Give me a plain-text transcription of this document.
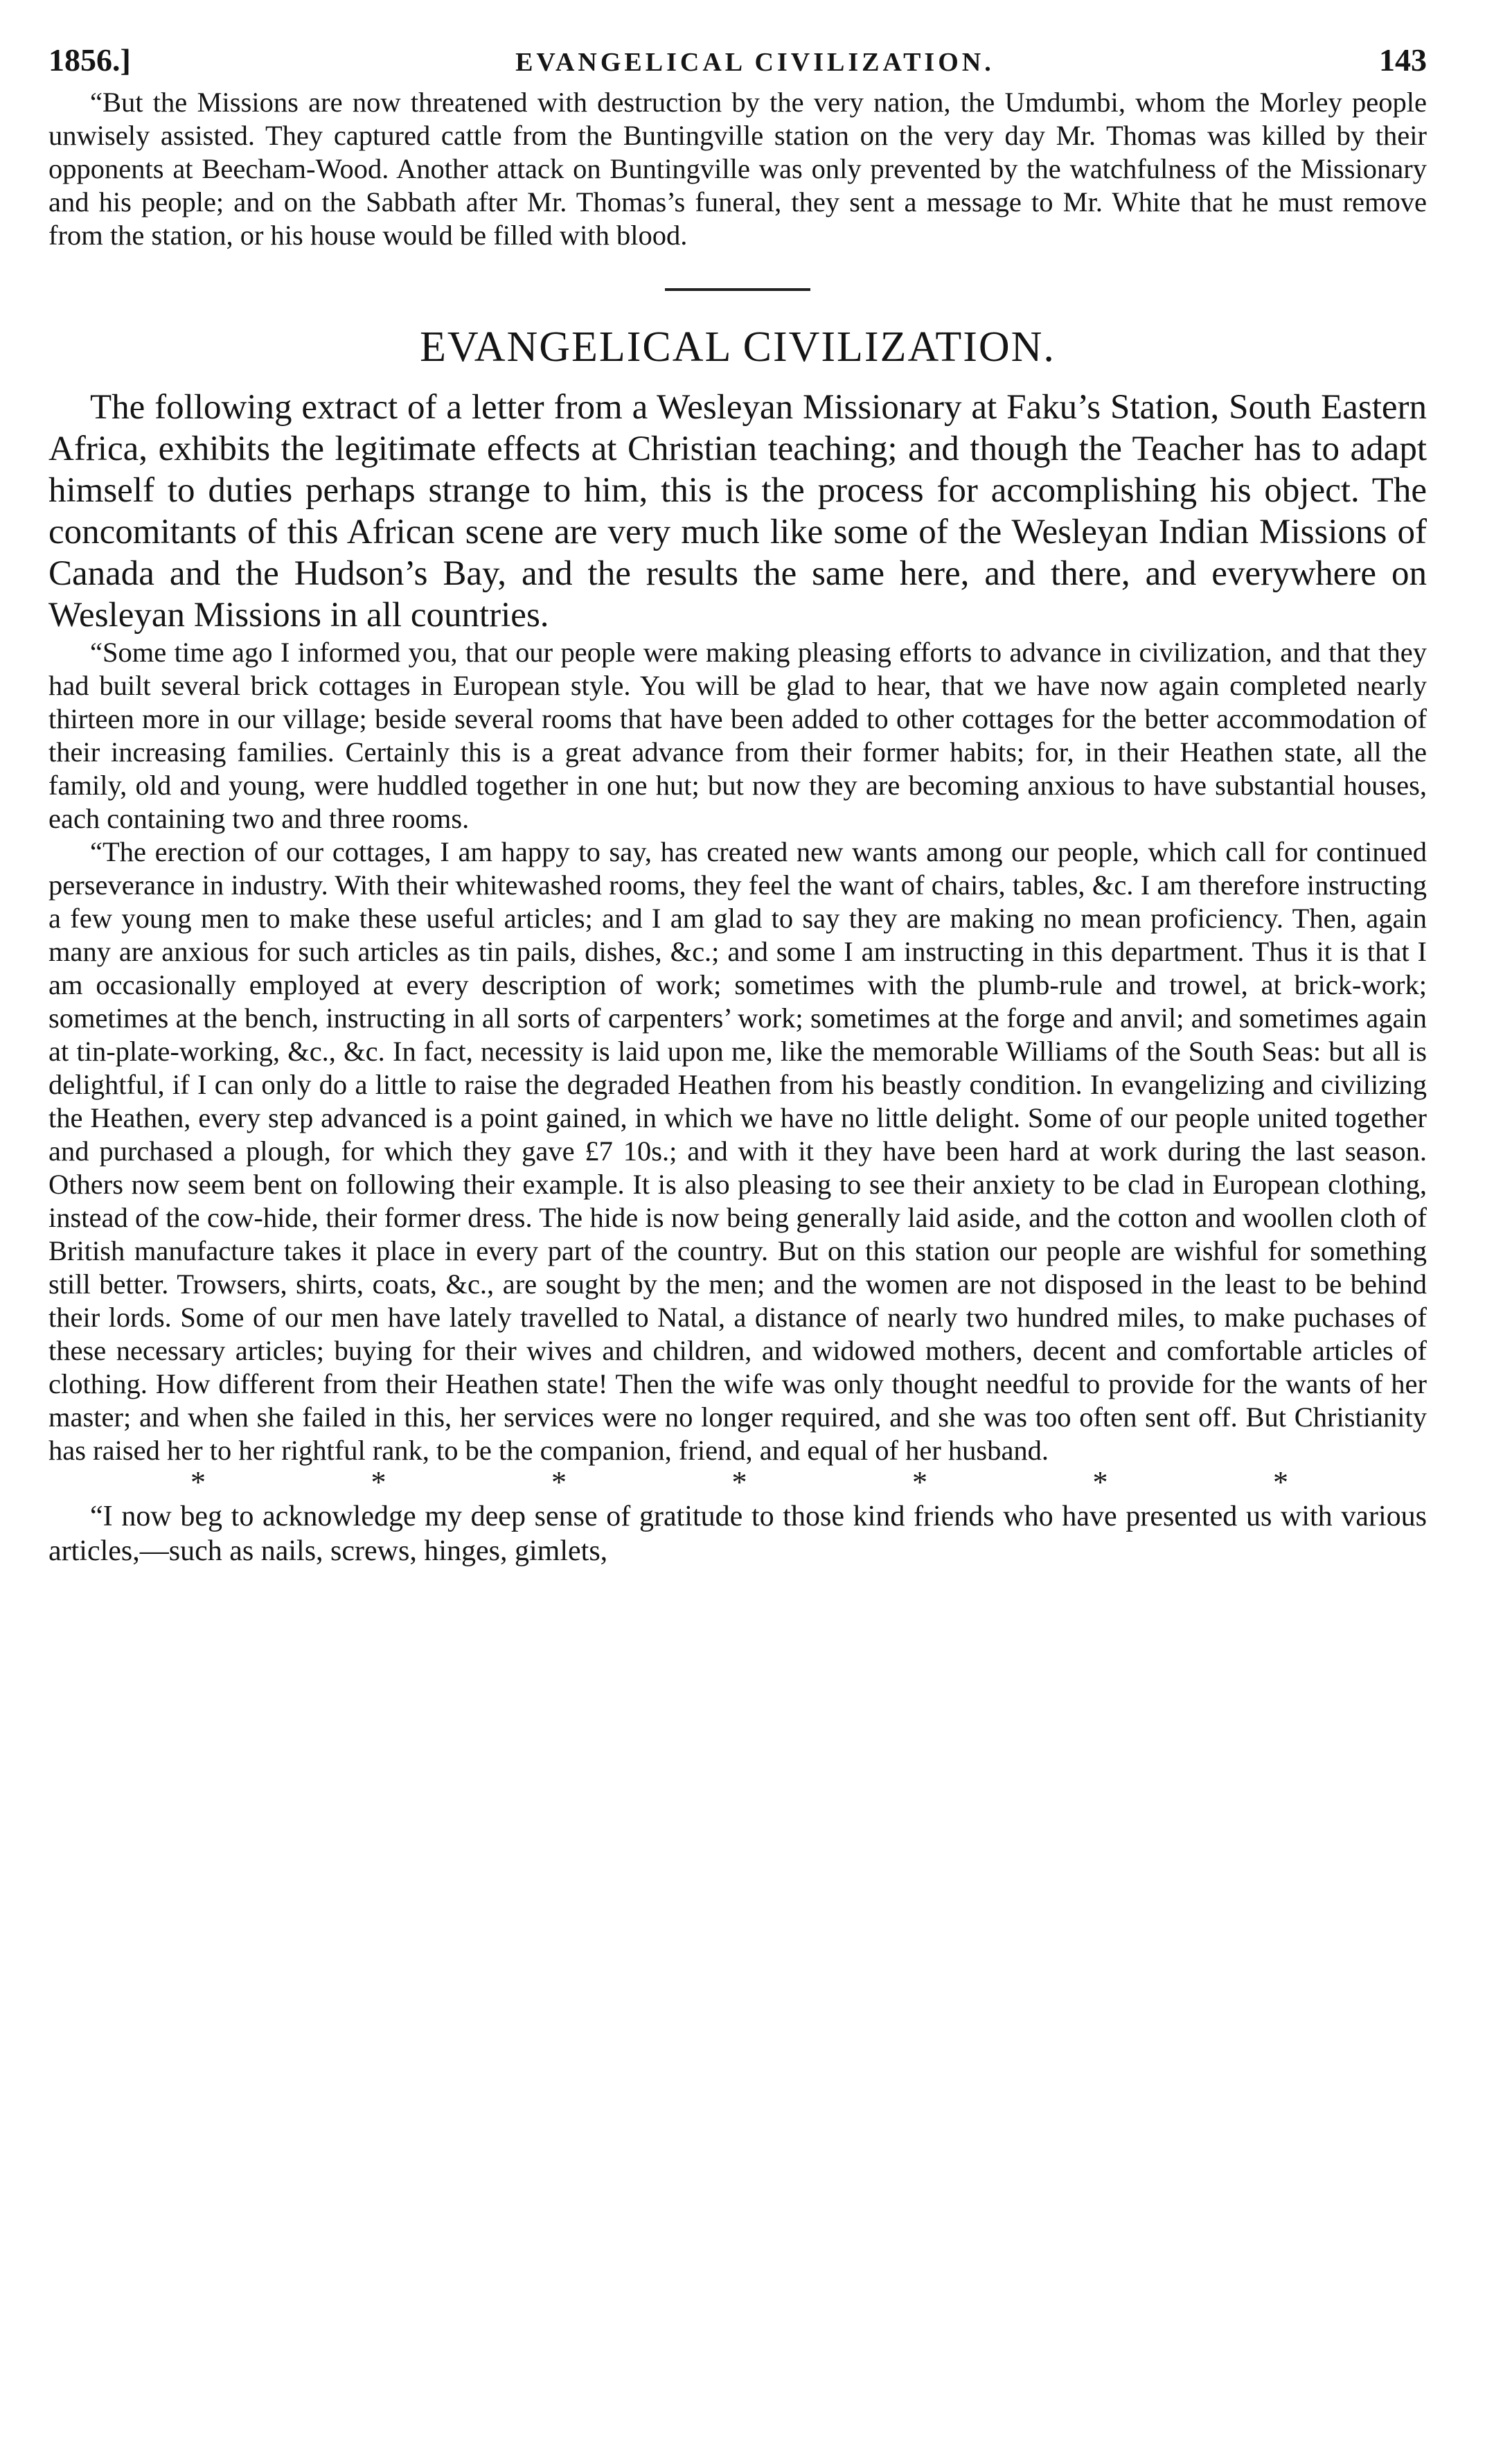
1856.]	EVANGELICAL CIVILIZATION.	143

“But the Missions are now threatened with destruction by the very nation, the Umdumbi, whom the Morley people unwisely assisted. They captured cattle from the Buntingville station on the very day Mr. Thomas was killed by their opponents at Beecham-Wood. Another attack on Buntingville was only prevented by the watchfulness of the Missionary and his people; and on the Sabbath after Mr. Thomas’s funeral, they sent a message to Mr. White that he must remove from the station, or his house would be filled with blood.

EVANGELICAL CIVILIZATION.

The following extract of a letter from a Wesleyan Missionary at Faku’s Station, South Eastern Africa, exhibits the legitimate effects at Christian teaching; and though the Teacher has to adapt himself to duties perhaps strange to him, this is the process for accomplishing his object. The concomitants of this African scene are very much like some of the Wesleyan Indian Missions of Canada and the Hudson’s Bay, and the results the same here, and there, and everywhere on Wesleyan Missions in all countries.

“Some time ago I informed you, that our people were making pleasing efforts to advance in civilization, and that they had built several brick cottages in European style. You will be glad to hear, that we have now again completed nearly thirteen more in our village; beside several rooms that have been added to other cottages for the better accommodation of their increasing families. Certainly this is a great advance from their former habits; for, in their Heathen state, all the family, old and young, were huddled together in one hut; but now they are becoming anxious to have substantial houses, each containing two and three rooms.

“The erection of our cottages, I am happy to say, has created new wants among our people, which call for continued perseverance in industry. With their whitewashed rooms, they feel the want of chairs, tables, &c. I am therefore instructing a few young men to make these useful articles; and I am glad to say they are making no mean proficiency. Then, again many are anxious for such articles as tin pails, dishes, &c.; and some I am instructing in this department. Thus it is that I am occasionally employed at every description of work; sometimes with the plumb-rule and trowel, at brick-work; sometimes at the bench, instructing in all sorts of carpenters’ work; sometimes at the forge and anvil; and sometimes again at tin-plate-working, &c., &c. In fact, necessity is laid upon me, like the memorable Williams of the South Seas: but all is delightful, if I can only do a little to raise the degraded Heathen from his beastly condition. In evangelizing and civilizing the Heathen, every step advanced is a point gained, in which we have no little delight. Some of our people united together and purchased a plough, for which they gave £7 10s.; and with it they have been hard at work during the last season. Others now seem bent on following their example. It is also pleasing to see their anxiety to be clad in European clothing, instead of the cow-hide, their former dress. The hide is now being generally laid aside, and the cotton and woollen cloth of British manufacture takes it place in every part of the country. But on this station our people are wishful for something still better. Trowsers, shirts, coats, &c., are sought by the men; and the women are not disposed in the least to be behind their lords. Some of our men have lately travelled to Natal, a distance of nearly two hundred miles, to make puchases of these necessary articles; buying for their wives and children, and widowed mothers, decent and comfortable articles of clothing. How different from their Heathen state! Then the wife was only thought needful to provide for the wants of her master; and when she failed in this, her services were no longer required, and she was too often sent off. But Christianity has raised her to her rightful rank, to be the companion, friend, and equal of her husband.

*	*	*	*	*	*	*

“I now beg to acknowledge my deep sense of gratitude to those kind friends who have presented us with various articles,—such as nails, screws, hinges, gimlets,
